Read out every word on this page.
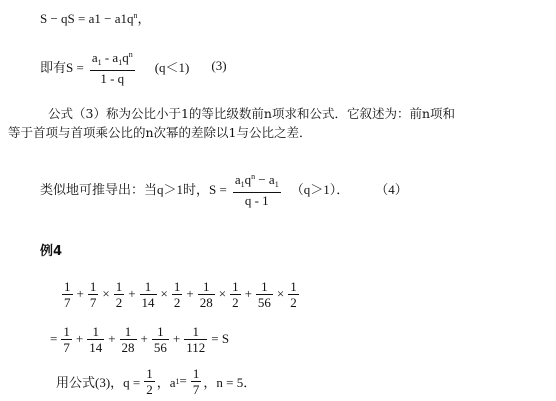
S − qS = $a1 - a1q^n$，
即有$S = \frac{a_1 - a_1q^n}{1 - q} (q<1)$ (3)
公式（3）称为公比小于1的等比级数前n项求和公式．它叙述为：前n项和
等于首项与首项乘公比的n次幂的差除以1与公比之差．
类似地可推导出：当q＞1时，$S = \frac{a_1q^n - a_1}{q - 1} (q>1)$． （4）
例4
$\frac{1}{7} + \frac{1}{7} \times \frac{1}{2} + \frac{1}{14} \times \frac{1}{2} + \frac{1}{28} \times \frac{1}{2} + \frac{1}{56} \times \frac{1}{2}$
= $\frac{1}{7} + \frac{1}{14} + \frac{1}{28} + \frac{1}{56} + \frac{1}{112} = S$
用公式(3)，$q = \frac{1}{2}$ ，a $1 = \frac{1}{7}$ ，n = 5．
